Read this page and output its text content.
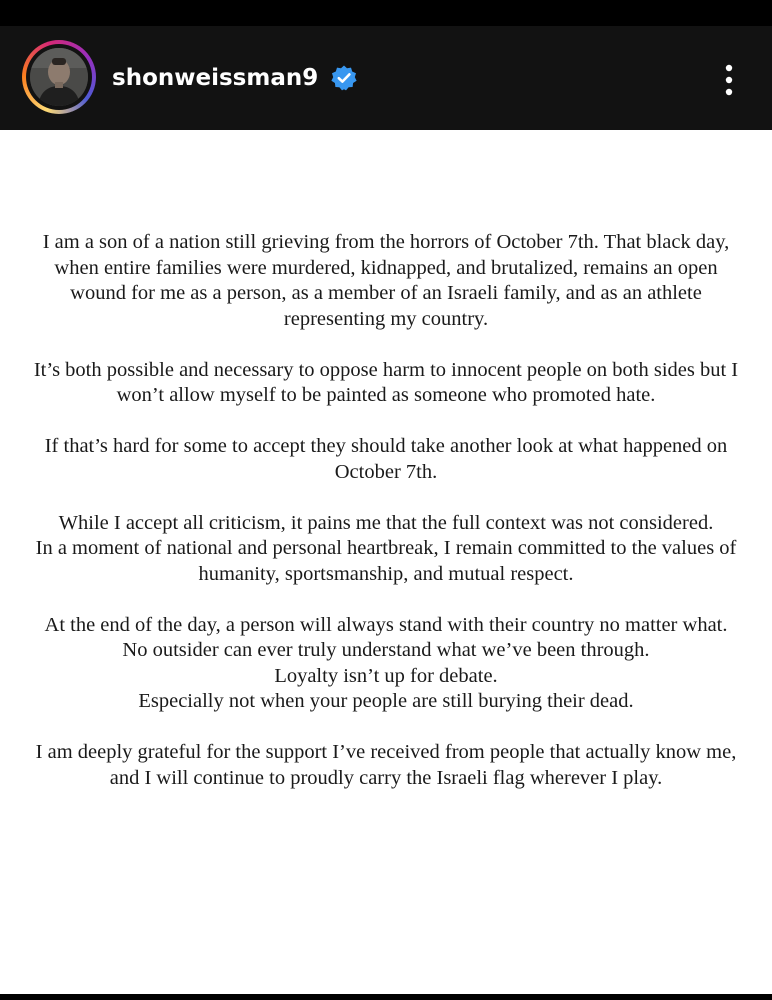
shonweissman9

I am a son of a nation still grieving from the horrors of October 7th. That black day, when entire families were murdered, kidnapped, and brutalized, remains an open wound for me as a person, as a member of an Israeli family, and as an athlete representing my country.

It’s both possible and necessary to oppose harm to innocent people on both sides but I won’t allow myself to be painted as someone who promoted hate.

If that’s hard for some to accept they should take another look at what happened on October 7th.

While I accept all criticism, it pains me that the full context was not considered.
In a moment of national and personal heartbreak, I remain committed to the values of humanity, sportsmanship, and mutual respect.

At the end of the day, a person will always stand with their country no matter what.
No outsider can ever truly understand what we’ve been through.
Loyalty isn’t up for debate.
Especially not when your people are still burying their dead.

I am deeply grateful for the support I’ve received from people that actually know me, and I will continue to proudly carry the Israeli flag wherever I play.
